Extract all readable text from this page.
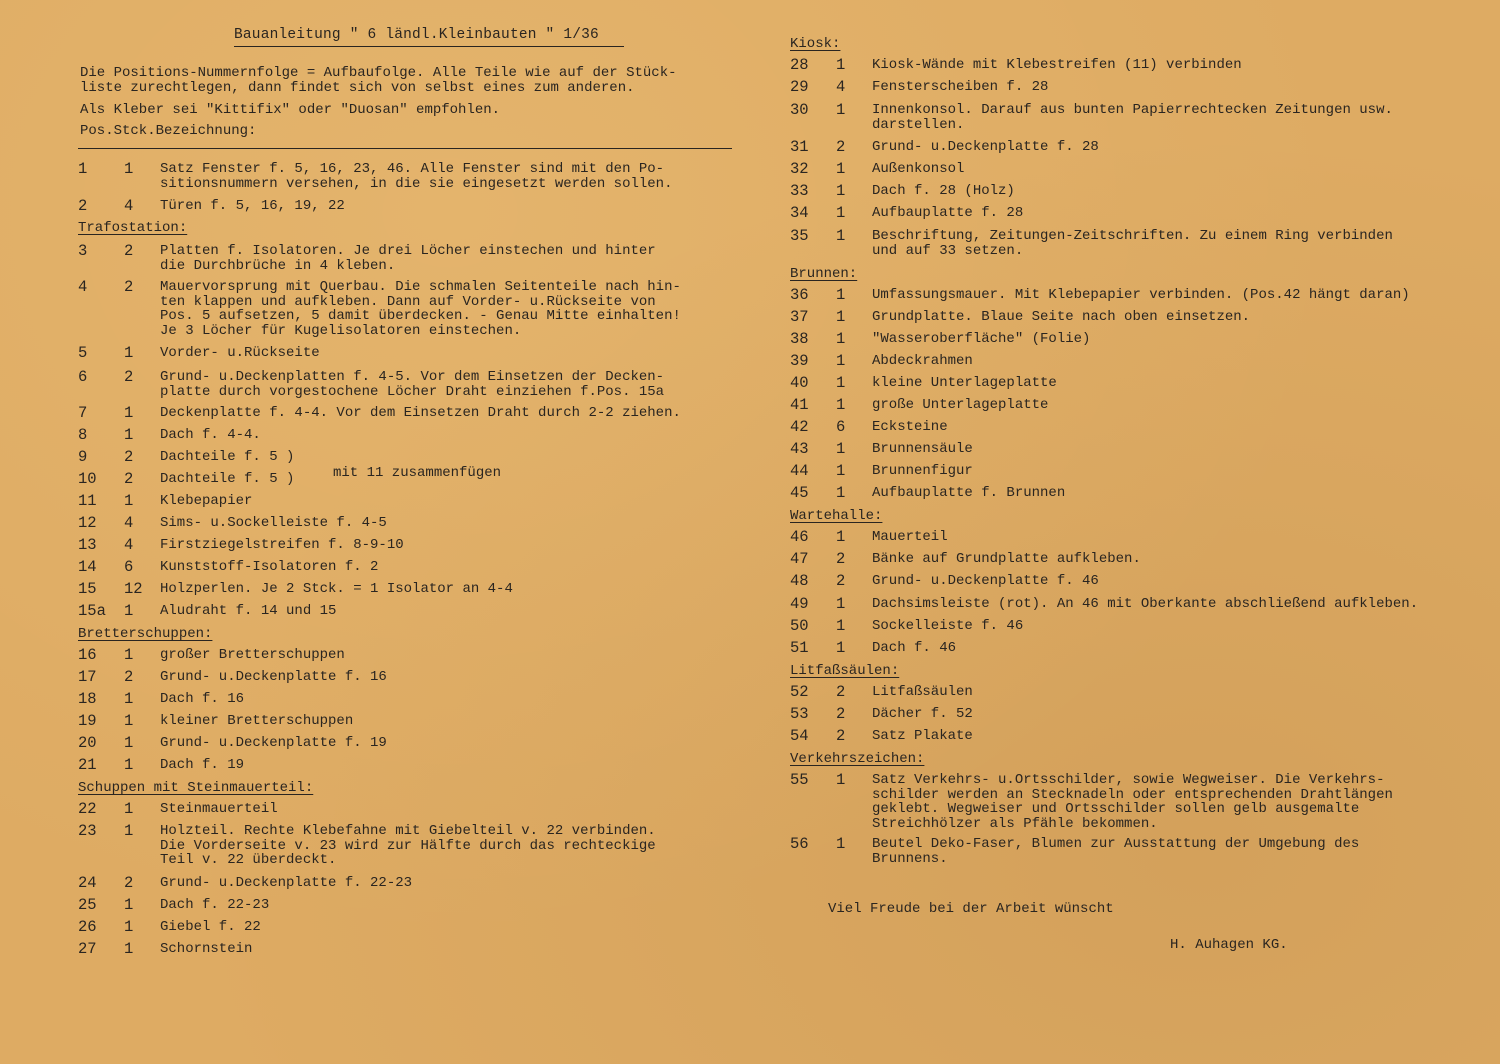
Bauanleitung " 6 ländl.Kleinbauten " 1/36

Die Positions-Nummernfolge = Aufbaufolge. Alle Teile wie auf der Stück-
liste zurechtlegen, dann findet sich von selbst eines zum anderen.

Als Kleber sei "Kittifix" oder "Duosan" empfohlen.

Pos.Stck.Bezeichnung:

1	1	Satz Fenster f. 5, 16, 23, 46. Alle Fenster sind mit den Po-
sitionsnummern versehen, in die sie eingesetzt werden sollen.
2	4	Türen f. 5, 16, 19, 22
Trafostation:
3	2	Platten f. Isolatoren. Je drei Löcher einstechen und hinter
die Durchbrüche in 4 kleben.
4	2	Mauervorsprung mit Querbau. Die schmalen Seitenteile nach hin-
ten klappen und aufkleben. Dann auf Vorder- u.Rückseite von
Pos. 5 aufsetzen, 5 damit überdecken. - Genau Mitte einhalten!
Je 3 Löcher für Kugelisolatoren einstechen.
5	1	Vorder- u.Rückseite
6	2	Grund- u.Deckenplatten f. 4-5. Vor dem Einsetzen der Decken-
platte durch vorgestochene Löcher Draht einziehen f.Pos. 15a
7	1	Deckenplatte f. 4-4. Vor dem Einsetzen Draht durch 2-2 ziehen.
8	1	Dach f. 4-4.
9	2	Dachteile f. 5 )
10	2	Dachteile f. 5 )
11	1	Klebepapier
12	4	Sims- u.Sockelleiste f. 4-5
13	4	Firstziegelstreifen f. 8-9-10
14	6	Kunststoff-Isolatoren f. 2
15	12	Holzperlen. Je 2 Stck. = 1 Isolator an 4-4
15a	1	Aludraht f. 14 und 15
Bretterschuppen:
16	1	großer Bretterschuppen
17	2	Grund- u.Deckenplatte f. 16
18	1	Dach f. 16
19	1	kleiner Bretterschuppen
20	1	Grund- u.Deckenplatte f. 19
21	1	Dach f. 19
Schuppen mit Steinmauerteil:
22	1	Steinmauerteil
23	1	Holzteil. Rechte Klebefahne mit Giebelteil v. 22 verbinden.
Die Vorderseite v. 23 wird zur Hälfte durch das rechteckige
Teil v. 22 überdeckt.
24	2	Grund- u.Deckenplatte f. 22-23
25	1	Dach f. 22-23
26	1	Giebel f. 22
27	1	Schornstein
Kiosk:
28	1	Kiosk-Wände mit Klebestreifen (11) verbinden
29	4	Fensterscheiben f. 28
30	1	Innenkonsol. Darauf aus bunten Papierrechtecken Zeitungen usw.
darstellen.
31	2	Grund- u.Deckenplatte f. 28
32	1	Außenkonsol
33	1	Dach f. 28 (Holz)
34	1	Aufbauplatte f. 28
35	1	Beschriftung, Zeitungen-Zeitschriften. Zu einem Ring verbinden
und auf 33 setzen.
Brunnen:
36	1	Umfassungsmauer. Mit Klebepapier verbinden. (Pos.42 hängt daran)
37	1	Grundplatte. Blaue Seite nach oben einsetzen.
38	1	"Wasseroberfläche" (Folie)
39	1	Abdeckrahmen
40	1	kleine Unterlageplatte
41	1	große Unterlageplatte
42	6	Ecksteine
43	1	Brunnensäule
44	1	Brunnenfigur
45	1	Aufbauplatte f. Brunnen
Wartehalle:
46	1	Mauerteil
47	2	Bänke auf Grundplatte aufkleben.
48	2	Grund- u.Deckenplatte f. 46
49	1	Dachsimsleiste (rot). An 46 mit Oberkante abschließend aufkleben.
50	1	Sockelleiste f. 46
51	1	Dach f. 46
Litfaßsäulen:
52	2	Litfaßsäulen
53	2	Dächer f. 52
54	2	Satz Plakate
Verkehrszeichen:
55	1	Satz Verkehrs- u.Ortsschilder, sowie Wegweiser. Die Verkehrs-
schilder werden an Stecknadeln oder entsprechenden Drahtlängen
geklebt. Wegweiser und Ortsschilder sollen gelb ausgemalte
Streichhölzer als Pfähle bekommen.
56	1	Beutel Deko-Faser, Blumen zur Ausstattung der Umgebung des
Brunnens.
mit 11 zusammenfügen
Viel Freude bei der Arbeit wünscht
H. Auhagen KG.
